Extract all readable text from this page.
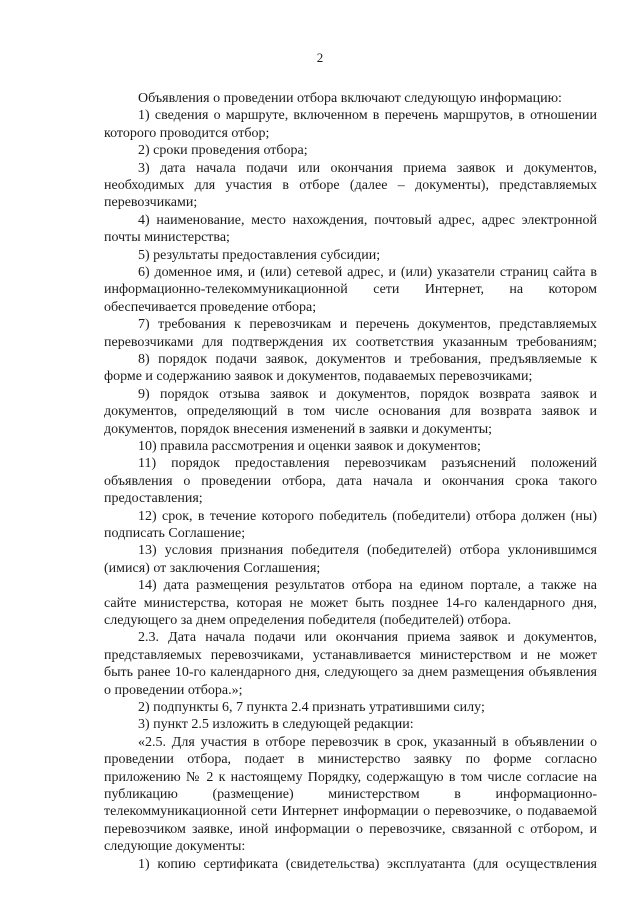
2
Объявления о проведении отбора включают следующую информацию:
1) сведения о маршруте, включенном в перечень маршрутов, в отношении
которого проводится отбор;
2) сроки проведения отбора;
3) дата начала подачи или окончания приема заявок и документов,
необходимых для участия в отборе (далее – документы), представляемых
перевозчиками;
4) наименование, место нахождения, почтовый адрес, адрес электронной
почты министерства;
5) результаты предоставления субсидии;
6) доменное имя, и (или) сетевой адрес, и (или) указатели страниц сайта в
информационно-телекоммуникационной сети Интернет, на котором
обеспечивается проведение отбора;
7) требования к перевозчикам и перечень документов, представляемых
перевозчиками для подтверждения их соответствия указанным требованиям;
8) порядок подачи заявок, документов и требования, предъявляемые к
форме и содержанию заявок и документов, подаваемых перевозчиками;
9) порядок отзыва заявок и документов, порядок возврата заявок и
документов, определяющий в том числе основания для возврата заявок и
документов, порядок внесения изменений в заявки и документы;
10) правила рассмотрения и оценки заявок и документов;
11) порядок предоставления перевозчикам разъяснений положений
объявления о проведении отбора, дата начала и окончания срока такого
предоставления;
12) срок, в течение которого победитель (победители) отбора должен (ны)
подписать Соглашение;
13) условия признания победителя (победителей) отбора уклонившимся
(имися) от заключения Соглашения;
14) дата размещения результатов отбора на едином портале, а также на
сайте министерства, которая не может быть позднее 14-го календарного дня,
следующего за днем определения победителя (победителей) отбора.
2.3. Дата начала подачи или окончания приема заявок и документов,
представляемых перевозчиками, устанавливается министерством и не может
быть ранее 10-го календарного дня, следующего за днем размещения объявления
о проведении отбора.»;
2) подпункты 6, 7 пункта 2.4 признать утратившими силу;
3) пункт 2.5 изложить в следующей редакции:
«2.5. Для участия в отборе перевозчик в срок, указанный в объявлении о
проведении отбора, подает в министерство заявку по форме согласно
приложению № 2 к настоящему Порядку, содержащую в том числе согласие на
публикацию (размещение) министерством в информационно-
телекоммуникационной сети Интернет информации о перевозчике, о подаваемой
перевозчиком заявке, иной информации о перевозчике, связанной с отбором, и
следующие документы:
1) копию сертификата (свидетельства) эксплуатанта (для осуществления
